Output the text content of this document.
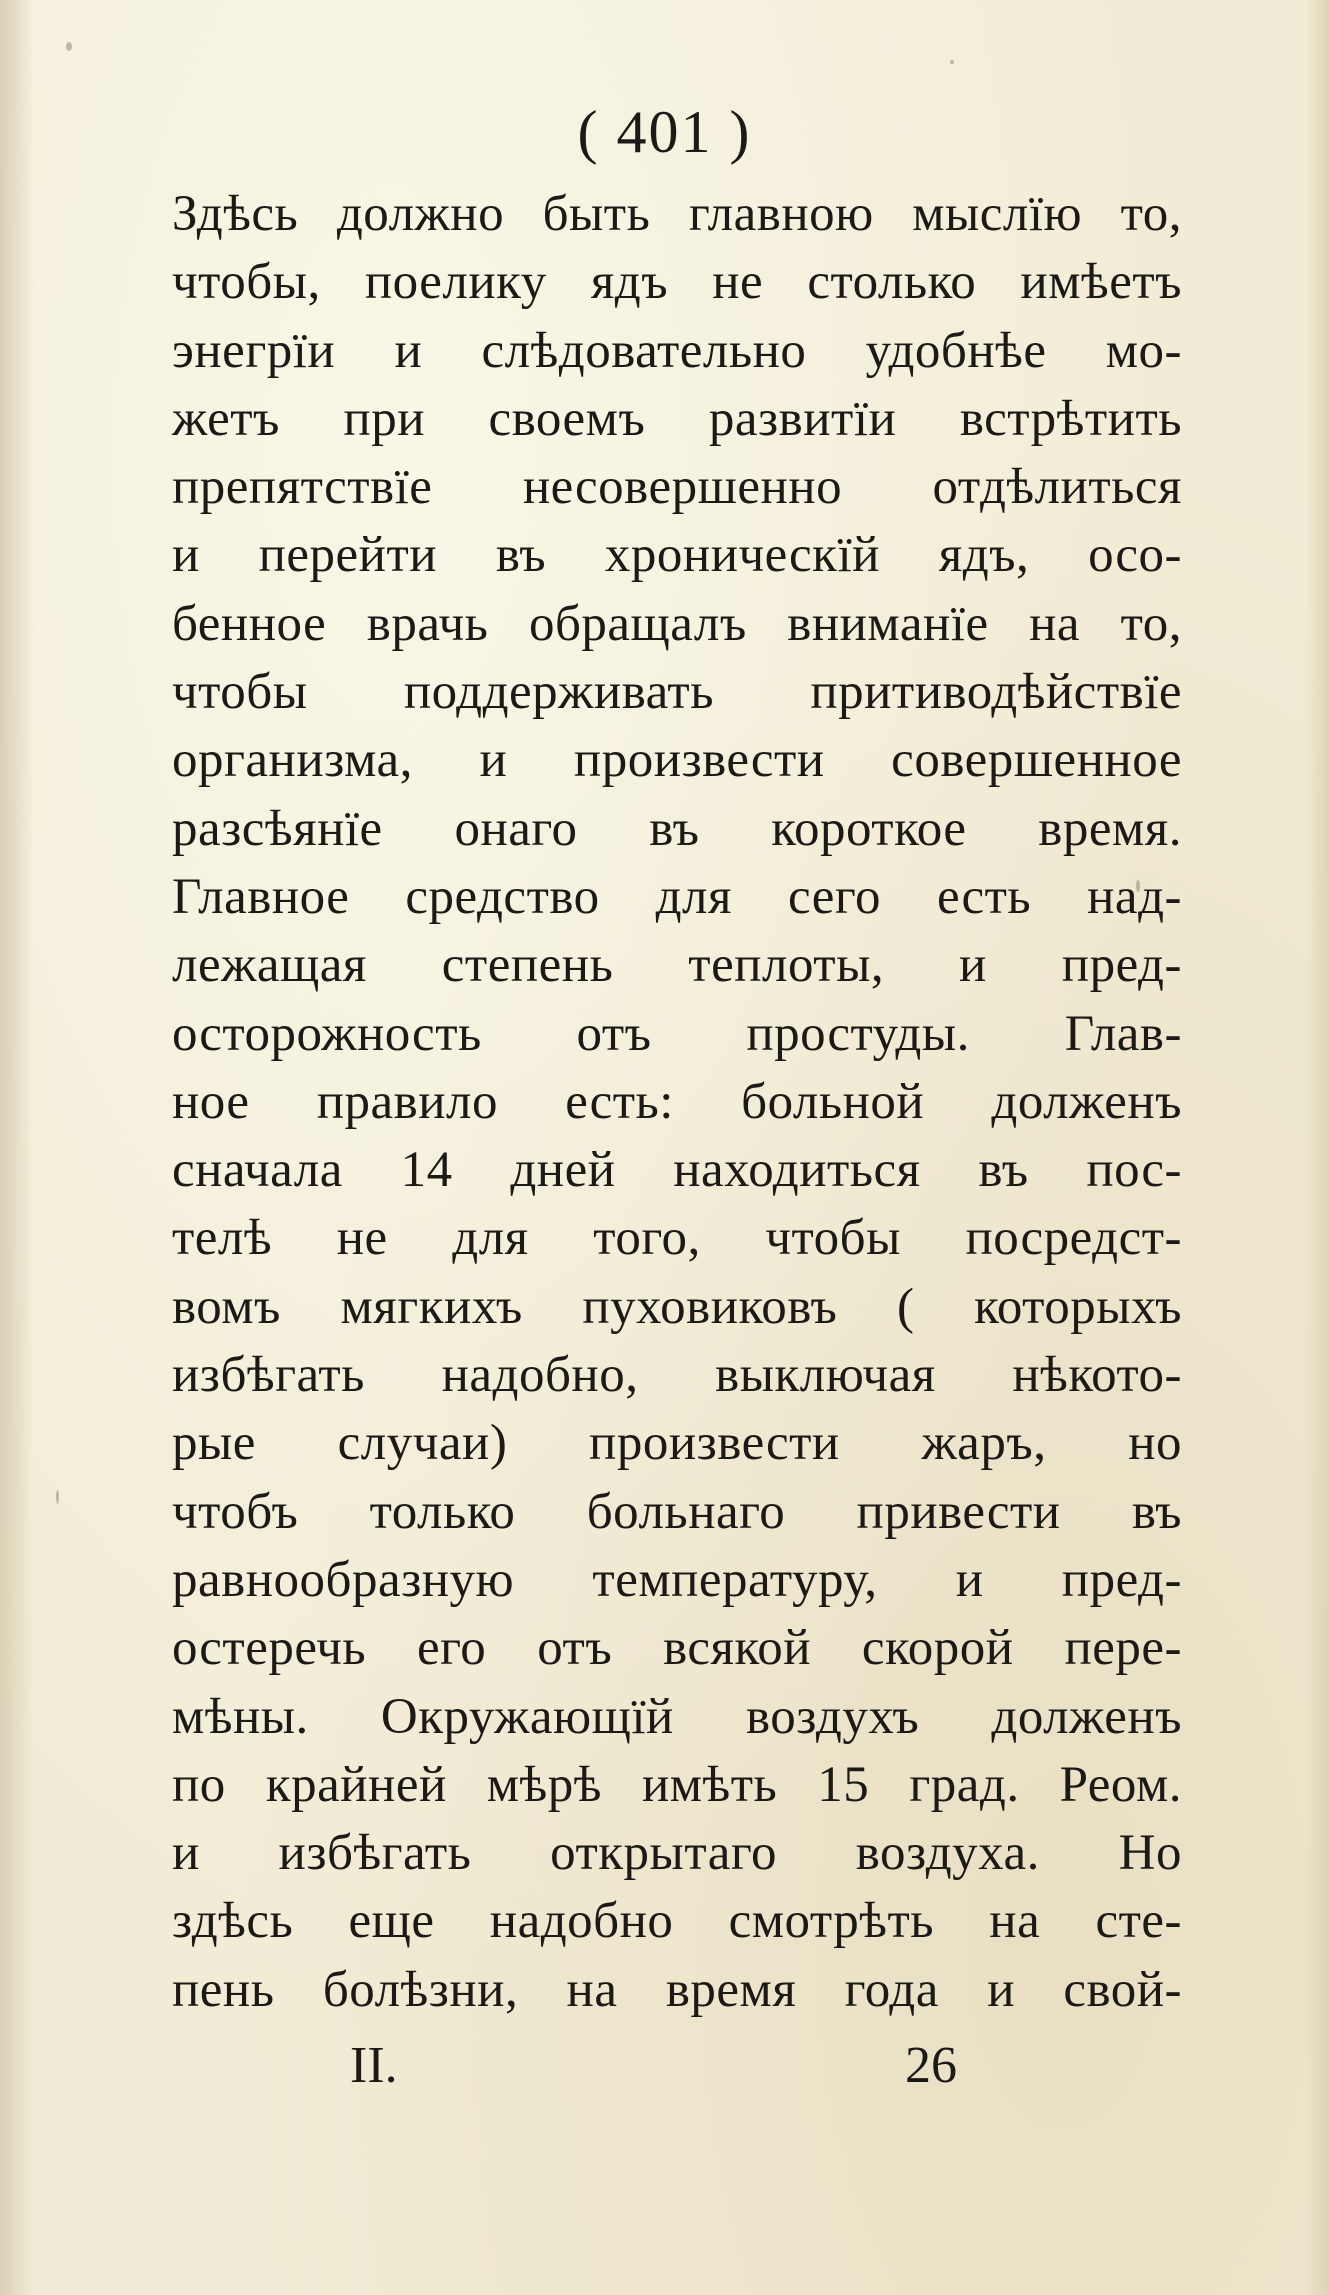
( 401 )
Здѣсь должно быть главною мыслїю то,
чтобы, поелику ядъ не столько имѣетъ
энегрїи и слѣдовательно удобнѣе мо-
жетъ при своемъ развитїи встрѣтить
препятствїе несовершенно отдѣлиться
и перейти въ хроническїй ядъ, осо-
бенное врачь обращалъ вниманїе на то,
чтобы поддерживать притиводѣйствїе
организма, и произвести совершенное
разсѣянїе онаго въ короткое время.
Главное средство для сего есть над-
лежащая степень теплоты, и пред-
осторожность отъ простуды. Глав-
ное правило есть: больной долженъ
сначала 14 дней находиться въ пос-
телѣ не для того, чтобы посредст-
вомъ мягкихъ пуховиковъ ( которыхъ
избѣгать надобно, выключая нѣкото-
рые случаи) произвести жаръ, но
чтобъ только больнаго привести въ
равнообразную температуру, и пред-
остеречь его отъ всякой скорой пере-
мѣны. Окружающїй воздухъ долженъ
по крайней мѣрѣ имѣть 15 град. Реом.
и избѣгать открытаго воздуха. Но
здѣсь еще надобно смотрѣть на сте-
пень болѣзни, на время года и свой-
II.	26
